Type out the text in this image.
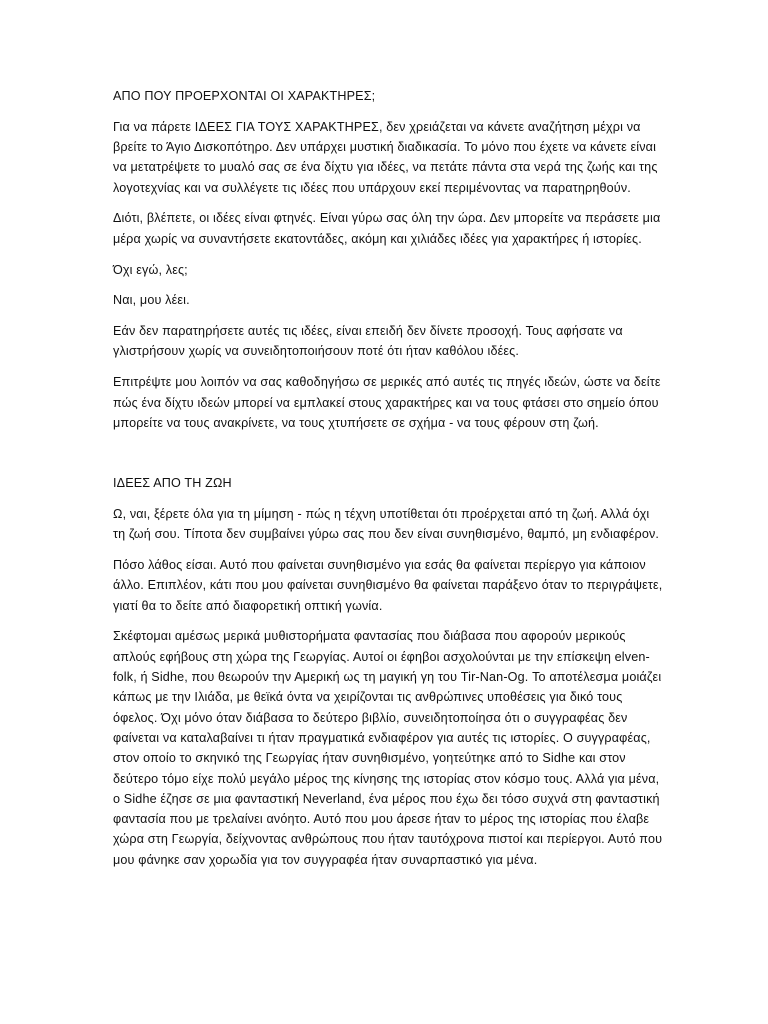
ΑΠΟ ΠΟΥ ΠΡΟΕΡΧΟΝΤΑΙ ΟΙ ΧΑΡΑΚΤΗΡΕΣ;

Για να πάρετε ΙΔΕΕΣ ΓΙΑ ΤΟΥΣ ΧΑΡΑΚΤΗΡΕΣ, δεν χρειάζεται να κάνετε αναζήτηση μέχρι να βρείτε το Άγιο Δισκοπότηρο. Δεν υπάρχει μυστική διαδικασία. Το μόνο που έχετε να κάνετε είναι να μετατρέψετε το μυαλό σας σε ένα δίχτυ για ιδέες, να πετάτε πάντα στα νερά της ζωής και της λογοτεχνίας και να συλλέγετε τις ιδέες που υπάρχουν εκεί περιμένοντας να παρατηρηθούν.

Διότι, βλέπετε, οι ιδέες είναι φτηνές. Είναι γύρω σας όλη την ώρα. Δεν μπορείτε να περάσετε μια μέρα χωρίς να συναντήσετε εκατοντάδες, ακόμη και χιλιάδες ιδέες για χαρακτήρες ή ιστορίες.

Όχι εγώ, λες;

Ναι, μου λέει.

Εάν δεν παρατηρήσετε αυτές τις ιδέες, είναι επειδή δεν δίνετε προσοχή. Τους αφήσατε να γλιστρήσουν χωρίς να συνειδητοποιήσουν ποτέ ότι ήταν καθόλου ιδέες.

Επιτρέψτε μου λοιπόν να σας καθοδηγήσω σε μερικές από αυτές τις πηγές ιδεών, ώστε να δείτε πώς ένα δίχτυ ιδεών μπορεί να εμπλακεί στους χαρακτήρες και να τους φτάσει στο σημείο όπου μπορείτε να τους ανακρίνετε, να τους χτυπήσετε σε σχήμα - να τους φέρουν στη ζωή.

ΙΔΕΕΣ ΑΠΟ ΤΗ ΖΩΗ

Ω, ναι, ξέρετε όλα για τη μίμηση - πώς η τέχνη υποτίθεται ότι προέρχεται από τη ζωή. Αλλά όχι τη ζωή σου. Τίποτα δεν συμβαίνει γύρω σας που δεν είναι συνηθισμένο, θαμπό, μη ενδιαφέρον.

Πόσο λάθος είσαι. Αυτό που φαίνεται συνηθισμένο για εσάς θα φαίνεται περίεργο για κάποιον άλλο. Επιπλέον, κάτι που μου φαίνεται συνηθισμένο θα φαίνεται παράξενο όταν το περιγράψετε, γιατί θα το δείτε από διαφορετική οπτική γωνία.

Σκέφτομαι αμέσως μερικά μυθιστορήματα φαντασίας που διάβασα που αφορούν μερικούς απλούς εφήβους στη χώρα της Γεωργίας. Αυτοί οι έφηβοι ασχολούνται με την επίσκεψη elven-folk, ή Sidhe, που θεωρούν την Αμερική ως τη μαγική γη του Tir-Nan-Og. Το αποτέλεσμα μοιάζει κάπως με την Ιλιάδα, με θεϊκά όντα να χειρίζονται τις ανθρώπινες υποθέσεις για δικό τους όφελος. Όχι μόνο όταν διάβασα το δεύτερο βιβλίο, συνειδητοποίησα ότι ο συγγραφέας δεν φαίνεται να καταλαβαίνει τι ήταν πραγματικά ενδιαφέρον για αυτές τις ιστορίες. Ο συγγραφέας, στον οποίο το σκηνικό της Γεωργίας ήταν συνηθισμένο, γοητεύτηκε από το Sidhe και στον δεύτερο τόμο είχε πολύ μεγάλο μέρος της κίνησης της ιστορίας στον κόσμο τους. Αλλά για μένα, ο Sidhe έζησε σε μια φανταστική Neverland, ένα μέρος που έχω δει τόσο συχνά στη φανταστική φαντασία που με τρελαίνει ανόητο. Αυτό που μου άρεσε ήταν το μέρος της ιστορίας που έλαβε χώρα στη Γεωργία, δείχνοντας ανθρώπους που ήταν ταυτόχρονα πιστοί και περίεργοι. Αυτό που μου φάνηκε σαν χορωδία για τον συγγραφέα ήταν συναρπαστικό για μένα.
